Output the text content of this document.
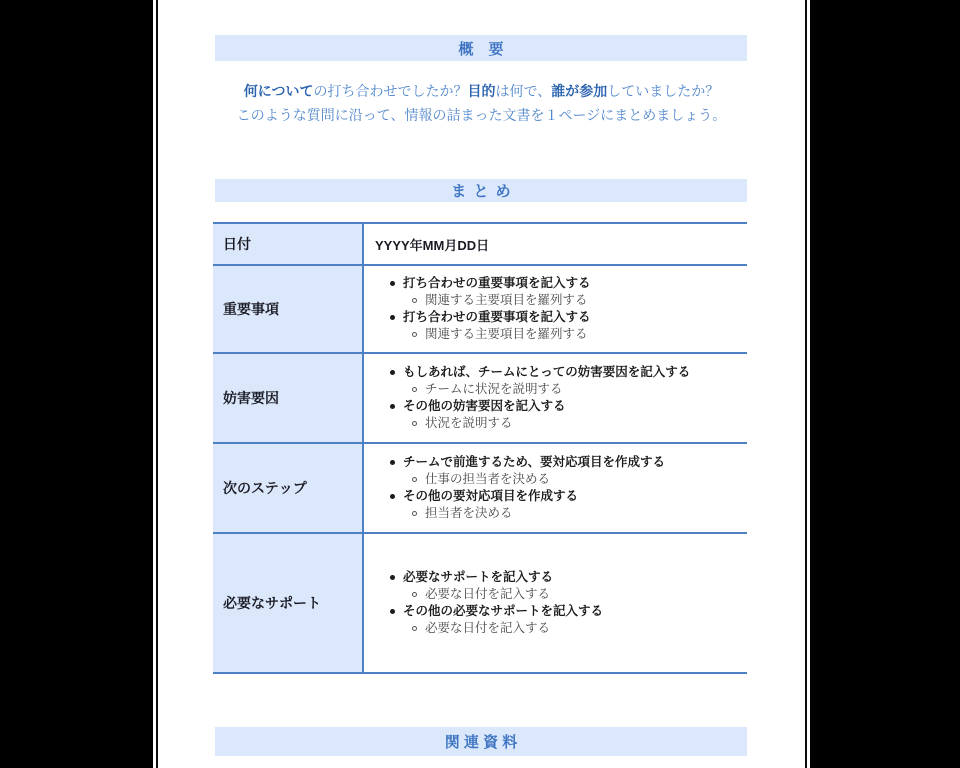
概　要
何についての打ち合わせでしたか？目的は何で、誰が参加していましたか？
このような質問に沿って、情報の詰まった文書を１ページにまとめましょう。
まとめ
日付	YYYY年MM月DD日
重要事項
打ち合わせの重要事項を記入する
関連する主要項目を羅列する
打ち合わせの重要事項を記入する
関連する主要項目を羅列する
妨害要因
もしあれば、チームにとっての妨害要因を記入する
チームに状況を説明する
その他の妨害要因を記入する
状況を説明する
次のステップ
チームで前進するため、要対応項目を作成する
仕事の担当者を決める
その他の要対応項目を作成する
担当者を決める
必要なサポート
必要なサポートを記入する
必要な日付を記入する
その他の必要なサポートを記入する
必要な日付を記入する
関連資料
